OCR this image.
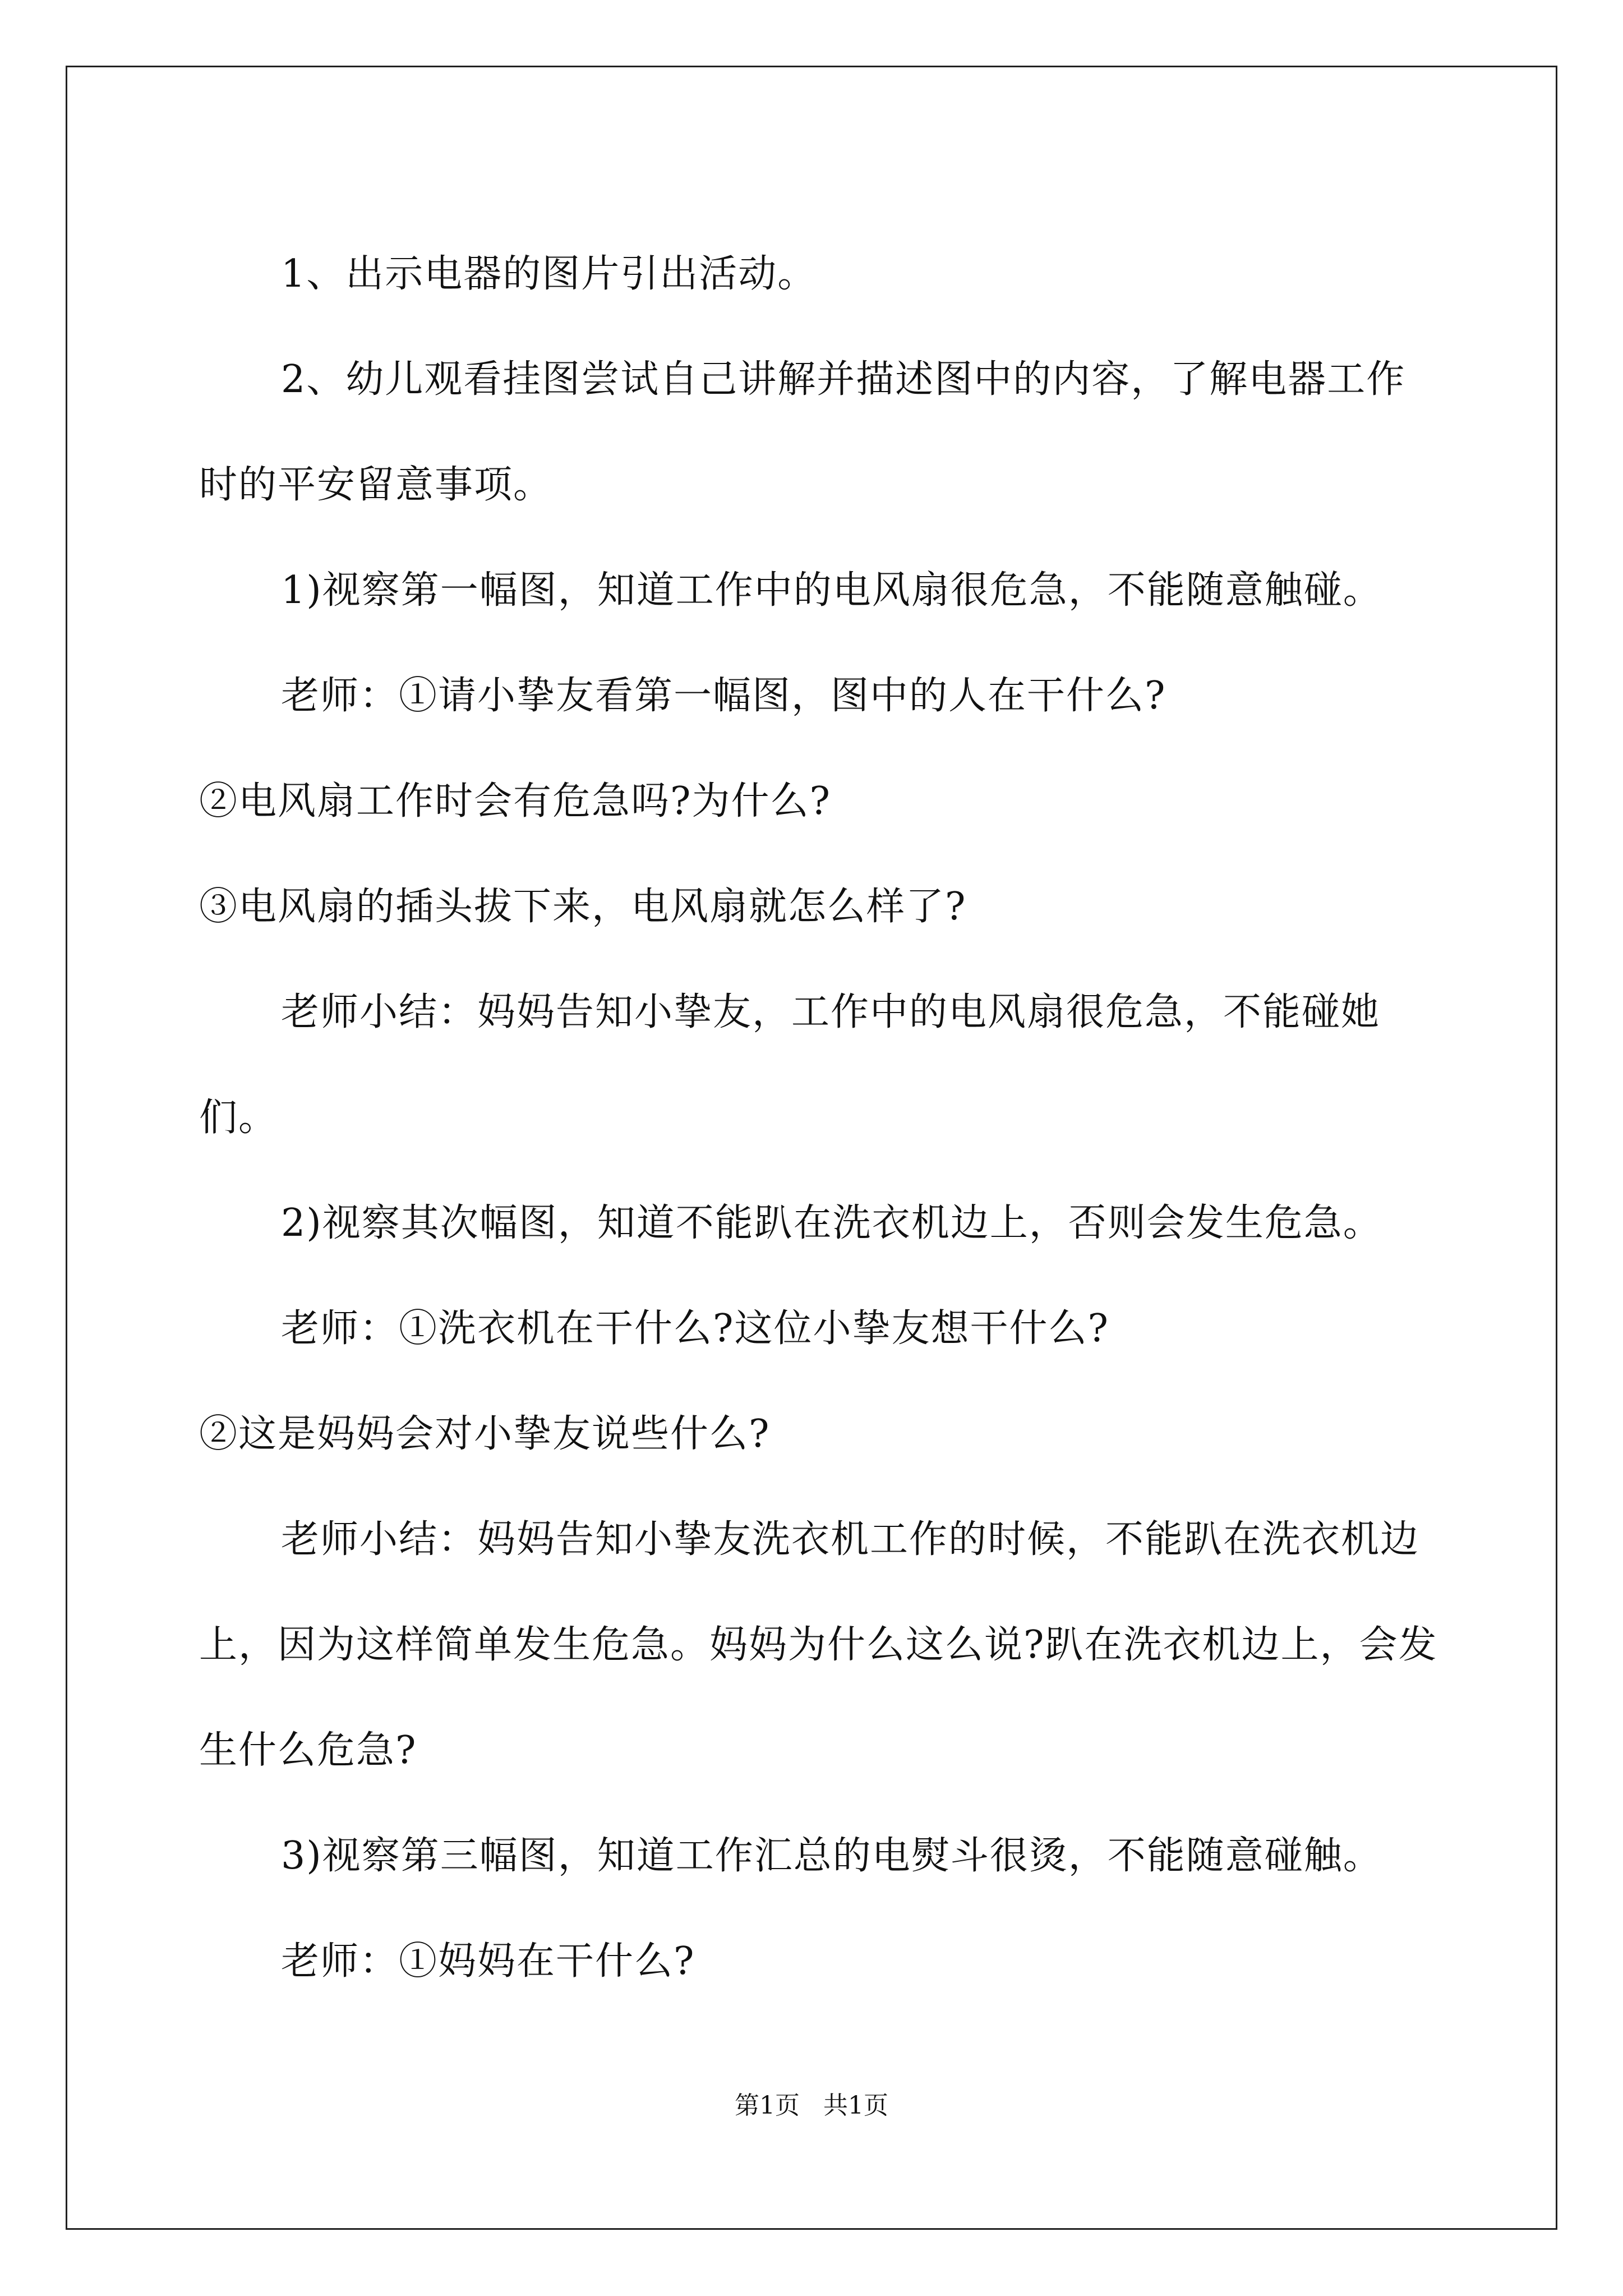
1、出示电器的图片引出活动。

2、幼儿观看挂图尝试自己讲解并描述图中的内容，了解电器工作时的平安留意事项。

1)视察第一幅图，知道工作中的电风扇很危急，不能随意触碰。

老师：①请小挚友看第一幅图，图中的人在干什么?

②电风扇工作时会有危急吗?为什么?

③电风扇的插头拔下来，电风扇就怎么样了?

老师小结：妈妈告知小挚友，工作中的电风扇很危急，不能碰她们。

2)视察其次幅图，知道不能趴在洗衣机边上，否则会发生危急。

老师：①洗衣机在干什么?这位小挚友想干什么?

②这是妈妈会对小挚友说些什么?

老师小结：妈妈告知小挚友洗衣机工作的时候，不能趴在洗衣机边上，因为这样简单发生危急。妈妈为什么这么说?趴在洗衣机边上，会发生什么危急?

3)视察第三幅图，知道工作汇总的电熨斗很烫，不能随意碰触。

老师：①妈妈在干什么?

第1页   共1页
